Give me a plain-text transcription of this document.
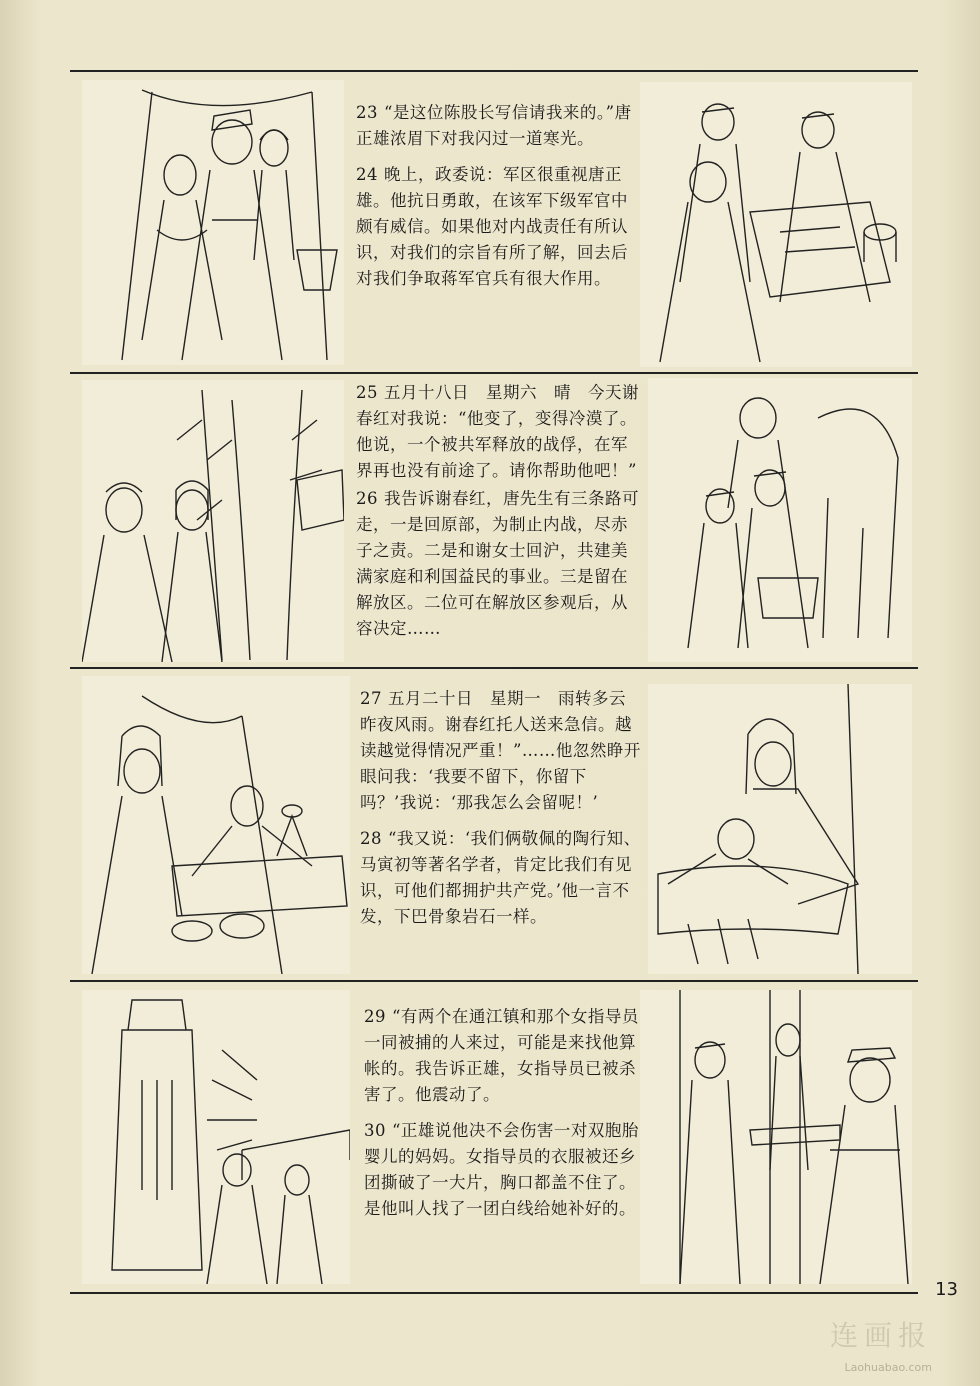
23 “是这位陈股长写信请我来的。”唐正雄浓眉下对我闪过一道寒光。

24 晚上，政委说：军区很重视唐正雄。他抗日勇敢，在该军下级军官中颇有威信。如果他对内战责任有所认识，对我们的宗旨有所了解，回去后对我们争取蒋军官兵有很大作用。

25 五月十八日　星期六　晴　今天谢春红对我说：“他变了，变得冷漠了。他说，一个被共军释放的战俘，在军界再也没有前途了。请你帮助他吧！”

26 我告诉谢春红，唐先生有三条路可走，一是回原部，为制止内战，尽赤子之责。二是和谢女士回沪，共建美满家庭和利国益民的事业。三是留在解放区。二位可在解放区参观后，从容决定……

27 五月二十日　星期一　雨转多云　昨夜风雨。谢春红托人送来急信。越读越觉得情况严重！”……他忽然睁开眼问我：‘我要不留下，你留下吗？’我说：‘那我怎么会留呢！’

28 “我又说：‘我们俩敬佩的陶行知、马寅初等著名学者，肯定比我们有见识，可他们都拥护共产党。’他一言不发，下巴骨象岩石一样。

29 “有两个在通江镇和那个女指导员一同被捕的人来过，可能是来找他算帐的。我告诉正雄，女指导员已被杀害了。他震动了。

30 “正雄说他决不会伤害一对双胞胎婴儿的妈妈。女指导员的衣服被还乡团撕破了一大片，胸口都盖不住了。是他叫人找了一团白线给她补好的。

13
连画报
Laohuabao.com
